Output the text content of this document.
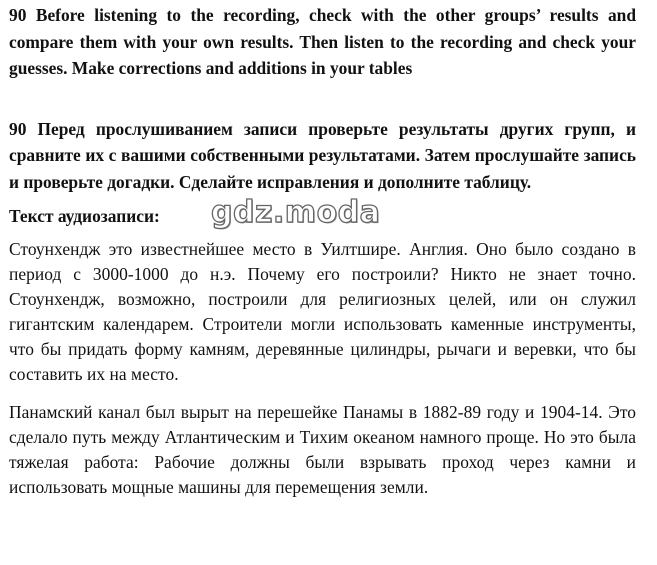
90 Before listening to the recording, check with the other groups’ results and compare them with your own results. Then listen to the recording and check your guesses. Make corrections and additions in your tables

90 Перед прослушиванием записи проверьте результаты других групп, и сравните их с вашими собственными результатами. Затем прослушайте запись и проверьте догадки. Сделайте исправления и дополните таблицу.

Текст аудиозаписи: gdz.moda

Стоунхендж это известнейшее место в Уилтшире. Англия. Оно было создано в период с 3000-1000 до н.э. Почему его построили? Никто не знает точно. Стоунхендж, возможно, построили для религиозных целей, или он служил гигантским календарем. Строители могли использовать каменные инструменты, что бы придать форму камням, деревянные цилиндры, рычаги и веревки, что бы составить их на место.

Панамский канал был вырыт на перешейке Панамы в 1882-89 году и 1904-14. Это сделало путь между Атлантическим и Тихим океаном намного проще. Но это была тяжелая работа: Рабочие должны были взрывать проход через камни и использовать мощные машины для перемещения земли.
